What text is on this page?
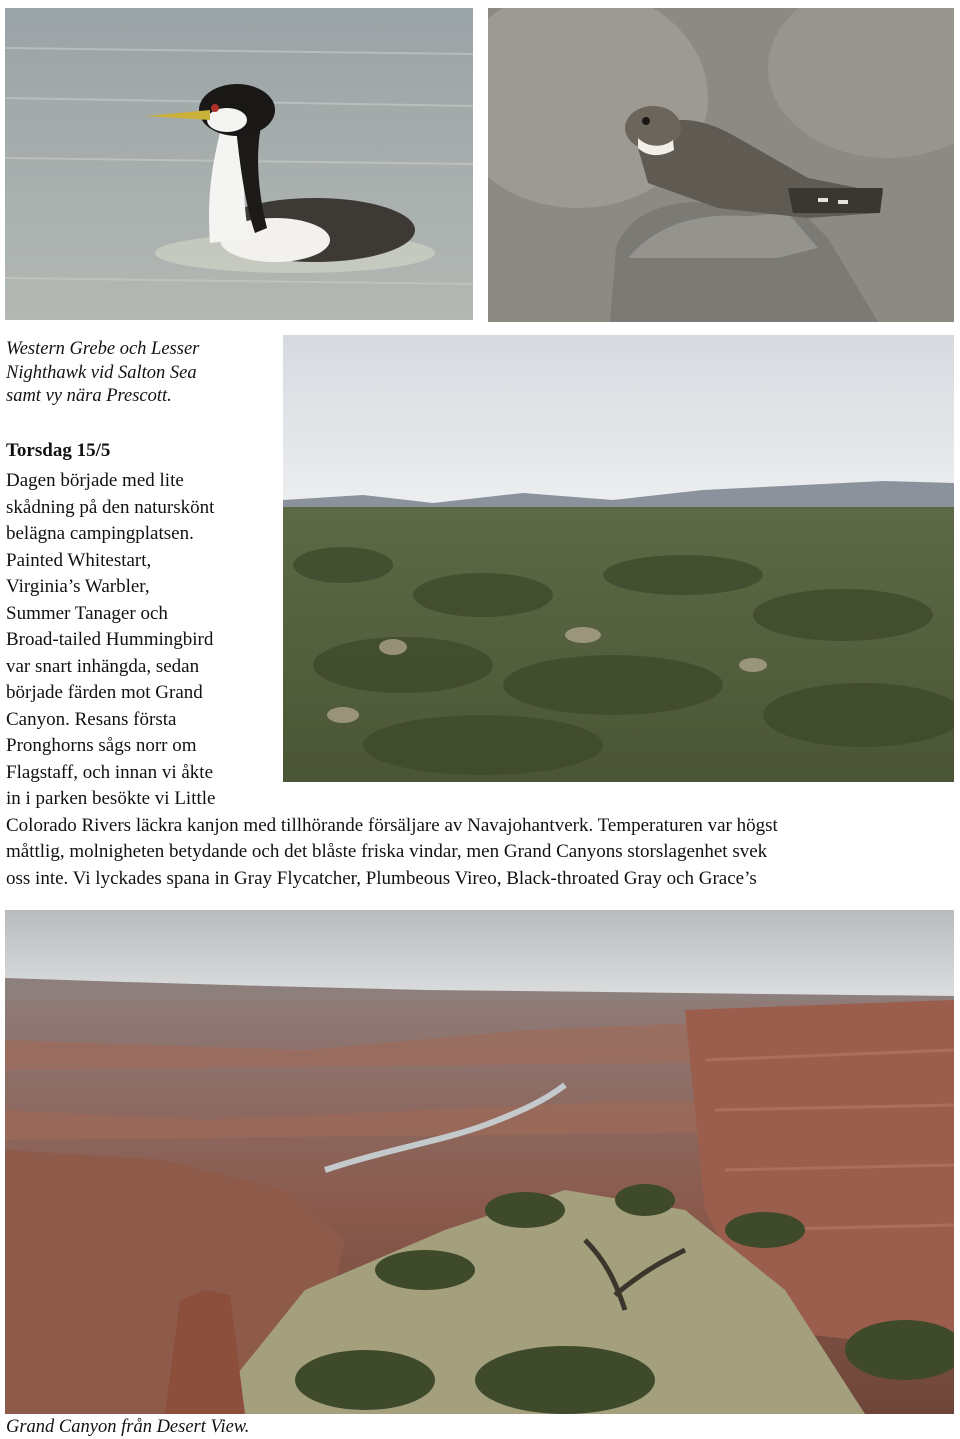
Western Grebe och Lesser
Nighthawk vid Salton Sea
samt vy nära Prescott.

Torsdag 15/5

Dagen började med lite
skådning på den naturskönt
belägna campingplatsen.
Painted Whitestart,
Virginia’s Warbler,
Summer Tanager och
Broad-tailed Hummingbird
var snart inhängda, sedan
började färden mot Grand
Canyon. Resans första
Pronghorns sågs norr om
Flagstaff, och innan vi åkte
in i parken besökte vi Little
Colorado Rivers läckra kanjon med tillhörande försäljare av Navajohantverk. Temperaturen var högst
måttlig, molnigheten betydande och det blåste friska vindar, men Grand Canyons storslagenhet svek
oss inte. Vi lyckades spana in Gray Flycatcher, Plumbeous Vireo, Black-throated Gray och Grace’s

Grand Canyon från Desert View.
